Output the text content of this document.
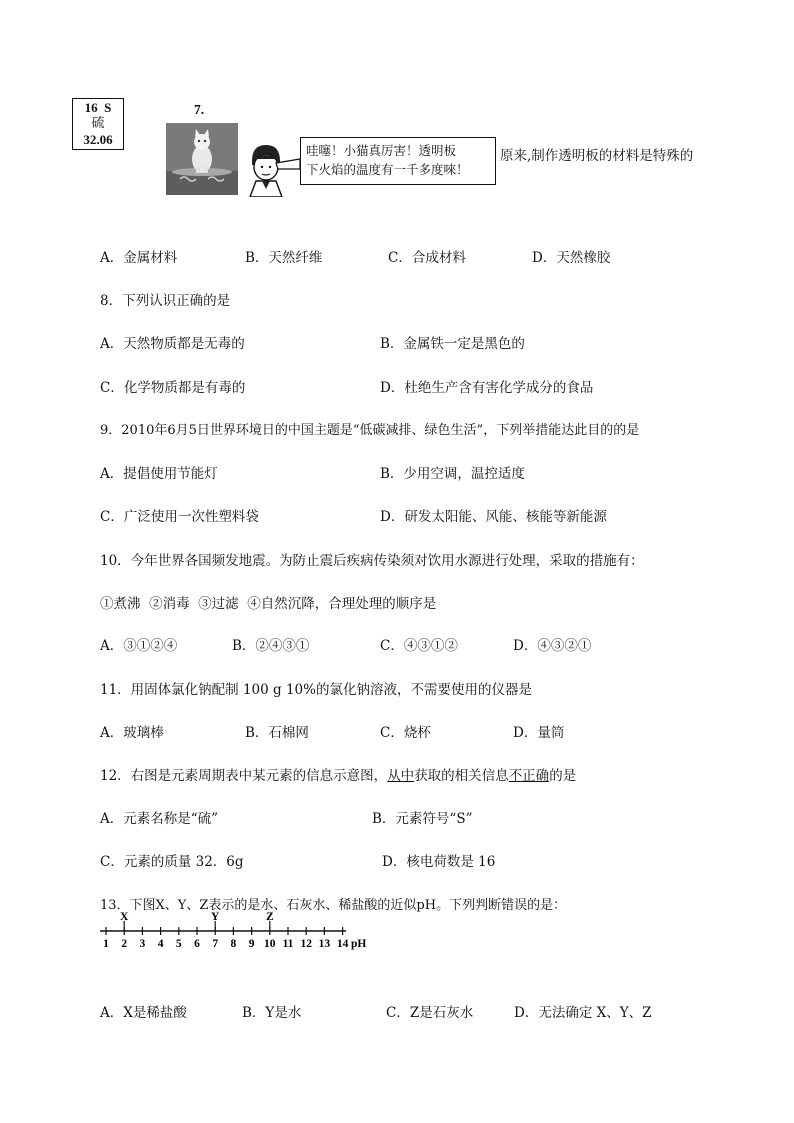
16  S
硫
32.06
7.
哇噻！小猫真厉害！透明板
下火焰的温度有一千多度唻！
原来,制作透明板的材料是特殊的
A．金属材料	B．天然纤维	C．合成材料	D．天然橡胶
8．下列认识正确的是
A．天然物质都是无毒的	B．金属铁一定是黑色的
C．化学物质都是有毒的	D．杜绝生产含有害化学成分的食品
9．2010年6月5日世界环境日的中国主题是“低碳减排、绿色生活”，下列举措能达此目的的是
A．提倡使用节能灯	B．少用空调，温控适度
C．广泛使用一次性塑料袋	D．研发太阳能、风能、核能等新能源
10．今年世界各国频发地震。为防止震后疾病传染须对饮用水源进行处理，采取的措施有：
①煮沸  ②消毒  ③过滤  ④自然沉降，合理处理的顺序是
A．③①②④	B．②④③①	C．④③①②	D．④③②①
11．用固体氯化钠配制 100 g 10%的氯化钠溶液，不需要使用的仪器是
A．玻璃棒	B．石棉网	C．烧杯	D．量筒
12．右图是元素周期表中某元素的信息示意图，从中获取的相关信息不正确的是
A．元素名称是“硫”	B．元素符号“S”
C．元素的质量 32．6g	D．核电荷数是 16
13．下图X、Y、Z表示的是水、石灰水、稀盐酸的近似pH。下列判断错误的是：
1 2 3 4 5 6 7 8 9 10 11 12 13 14
X	Y	Z
pH
A．X是稀盐酸	B．Y是水	C．Z是石灰水	D．无法确定 X、Y、Z
